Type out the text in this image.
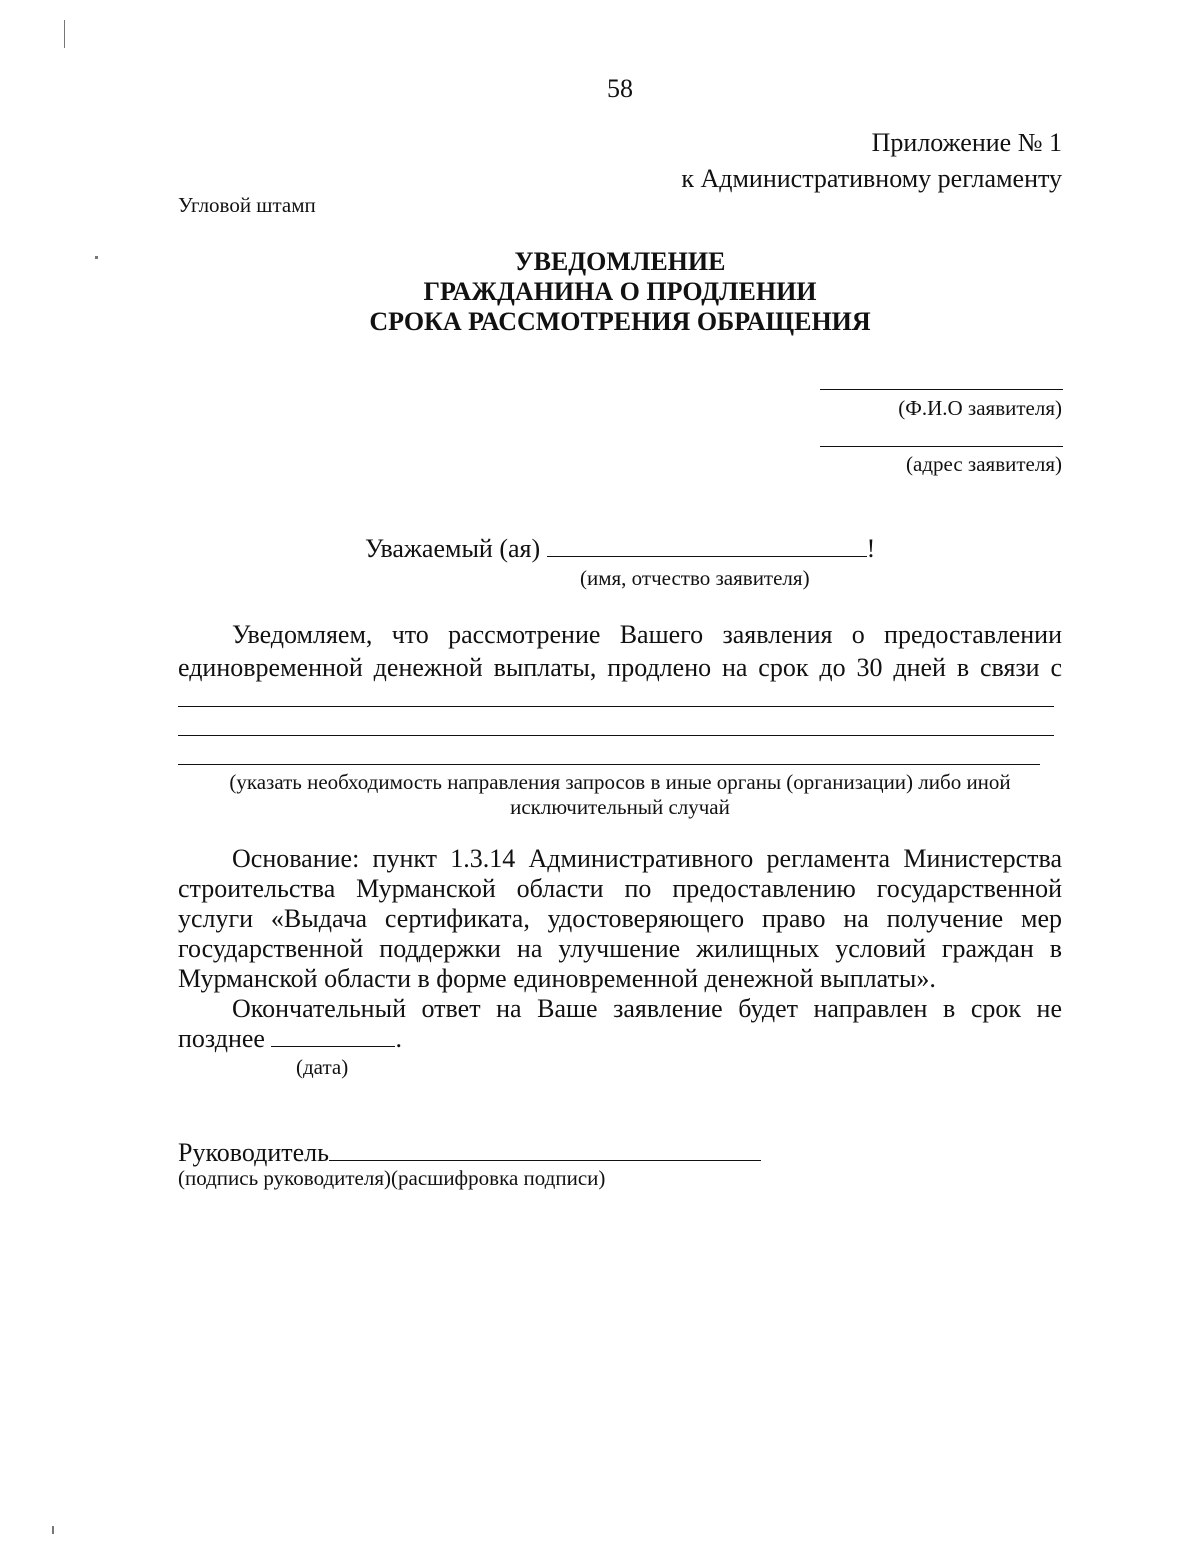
58
Приложение № 1
к Административному регламенту
Угловой штамп
УВЕДОМЛЕНИЕ
ГРАЖДАНИНА О ПРОДЛЕНИИ
СРОКА РАССМОТРЕНИЯ ОБРАЩЕНИЯ
(Ф.И.О заявителя)
(адрес заявителя)
Уважаемый (ая)	!
(имя, отчество заявителя)
Уведомляем, что рассмотрение Вашего заявления о предоставлении
единовременной денежной выплаты, продлено на срок до 30 дней в связи с
(указать необходимость направления запросов в иные органы (организации) либо иной
исключительный случай
Основание: пункт 1.3.14 Административного регламента Министерства
строительства Мурманской области по предоставлению государственной
услуги «Выдача сертификата, удостоверяющего право на получение мер
государственной поддержки на улучшение жилищных условий граждан в
Мурманской области в форме единовременной денежной выплаты».
Окончательный ответ на Ваше заявление будет направлен в срок не
позднее	.
(дата)
Руководитель
(подпись руководителя)(расшифровка подписи)
